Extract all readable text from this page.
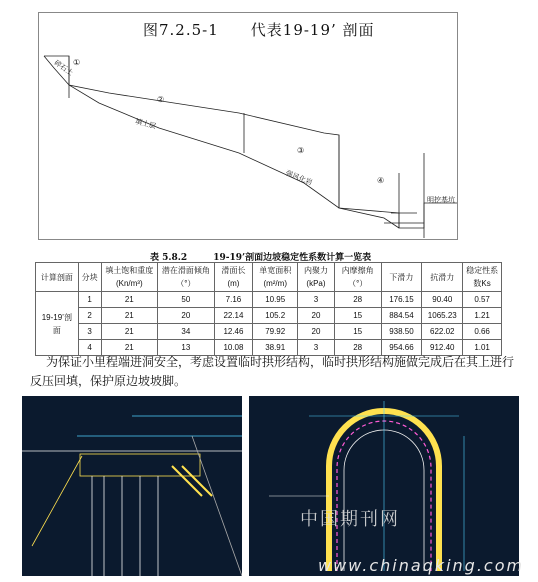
图7.2.5-1　　代表19-19’ 剖面
①
②
③
④
碎石土
填土层
强风化岩
明挖基坑
表 5.8.2	19-19’剖面边坡稳定性系数计算一览表
计算剖面	分块	填土饱和重度(Kn/m³)	潜在滑面倾角（°）	滑面长(m)	单宽面积(m²/m)	内聚力(kPa)	内摩擦角（°）	下滑力	抗滑力	稳定性系数Ks
19-19’剖面	1	21	50	7.16	10.95	3	28	176.15	90.40	0.57
	2	21	20	22.14	105.2	20	15	884.54	1065.23	1.21
	3	21	34	12.46	79.92	20	15	938.50	622.02	0.66
	4	21	13	10.08	38.91	3	28	954.66	912.40	1.01
为保证小里程端进洞安全，考虑设置临时拱形结构，临时拱形结构施做完成后在其上进行反压回填，保护原边坡坡脚。
中国期刊网
www.chinaqking.com
